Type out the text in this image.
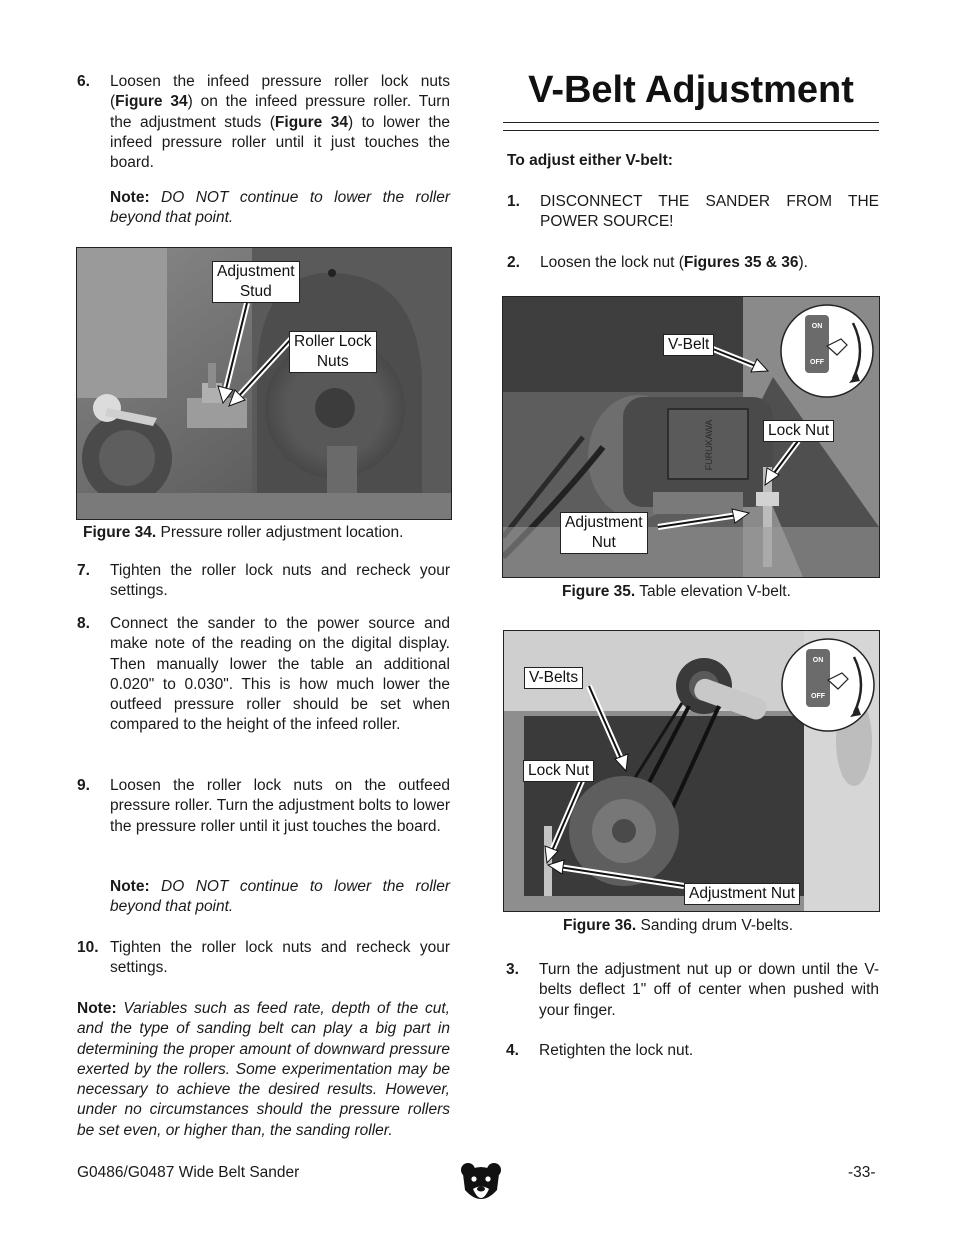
6. Loosen the infeed pressure roller lock nuts (Figure 34) on the infeed pressure roller. Turn the adjustment studs (Figure 34) to lower the infeed pressure roller until it just touches the board.
Note: DO NOT continue to lower the roller beyond that point.
Adjustment
Stud
Roller Lock
Nuts
Figure 34. Pressure roller adjustment location.
7. Tighten the roller lock nuts and recheck your settings.
8. Connect the sander to the power source and make note of the reading on the digital display. Then manually lower the table an additional 0.020" to 0.030". This is how much lower the outfeed pressure roller should be set when compared to the height of the infeed roller.
9. Loosen the roller lock nuts on the outfeed pressure roller. Turn the adjustment bolts to lower the pressure roller until it just touches the board.
Note: DO NOT continue to lower the roller beyond that point.
10. Tighten the roller lock nuts and recheck your settings.
Note: Variables such as feed rate, depth of the cut, and the type of sanding belt can play a big part in determining the proper amount of downward pressure exerted by the rollers. Some experimentation may be necessary to achieve the desired results. However, under no circumstances should the pressure rollers be set even, or higher than, the sanding roller.
V-Belt Adjustment
To adjust either V-belt:
1. DISCONNECT THE SANDER FROM THE POWER SOURCE!
2. Loosen the lock nut (Figures 35 & 36).
FURUKAWA
V-Belt
Lock Nut
Adjustment
Nut
ON
OFF
Figure 35. Table elevation V-belt.
V-Belts
Lock Nut
Adjustment Nut
ON
OFF
Figure 36. Sanding drum V-belts.
3. Turn the adjustment nut up or down until the V-belts deflect 1" off of center when pushed with your finger.
4. Retighten the lock nut.
G0486/G0487 Wide Belt Sander	-33-
